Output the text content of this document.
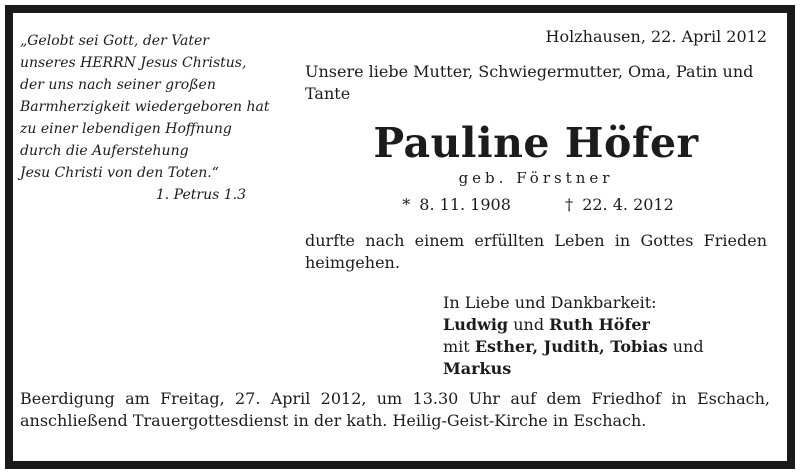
„Gelobt sei Gott, der Vater
unseres HERRN Jesus Christus,
der uns nach seiner großen
Barmherzigkeit wiedergeboren hat
zu einer lebendigen Hoffnung
durch die Auferstehung
Jesu Christi von den Toten.“
1. Petrus 1.3
Holzhausen, 22. April 2012
Unsere liebe Mutter, Schwiegermutter, Oma, Patin und Tante
Pauline Höfer
geb. Förstner
* 8. 11. 1908	† 22. 4. 2012
durfte nach einem erfüllten Leben in Gottes Frieden heimgehen.
In Liebe und Dankbarkeit:
Ludwig und Ruth Höfer
mit Esther, Judith, Tobias und Markus
Beerdigung am Freitag, 27. April 2012, um 13.30 Uhr auf dem Friedhof in Eschach, anschließend Trauergottesdienst in der kath. Heilig-Geist-Kirche in Eschach.
